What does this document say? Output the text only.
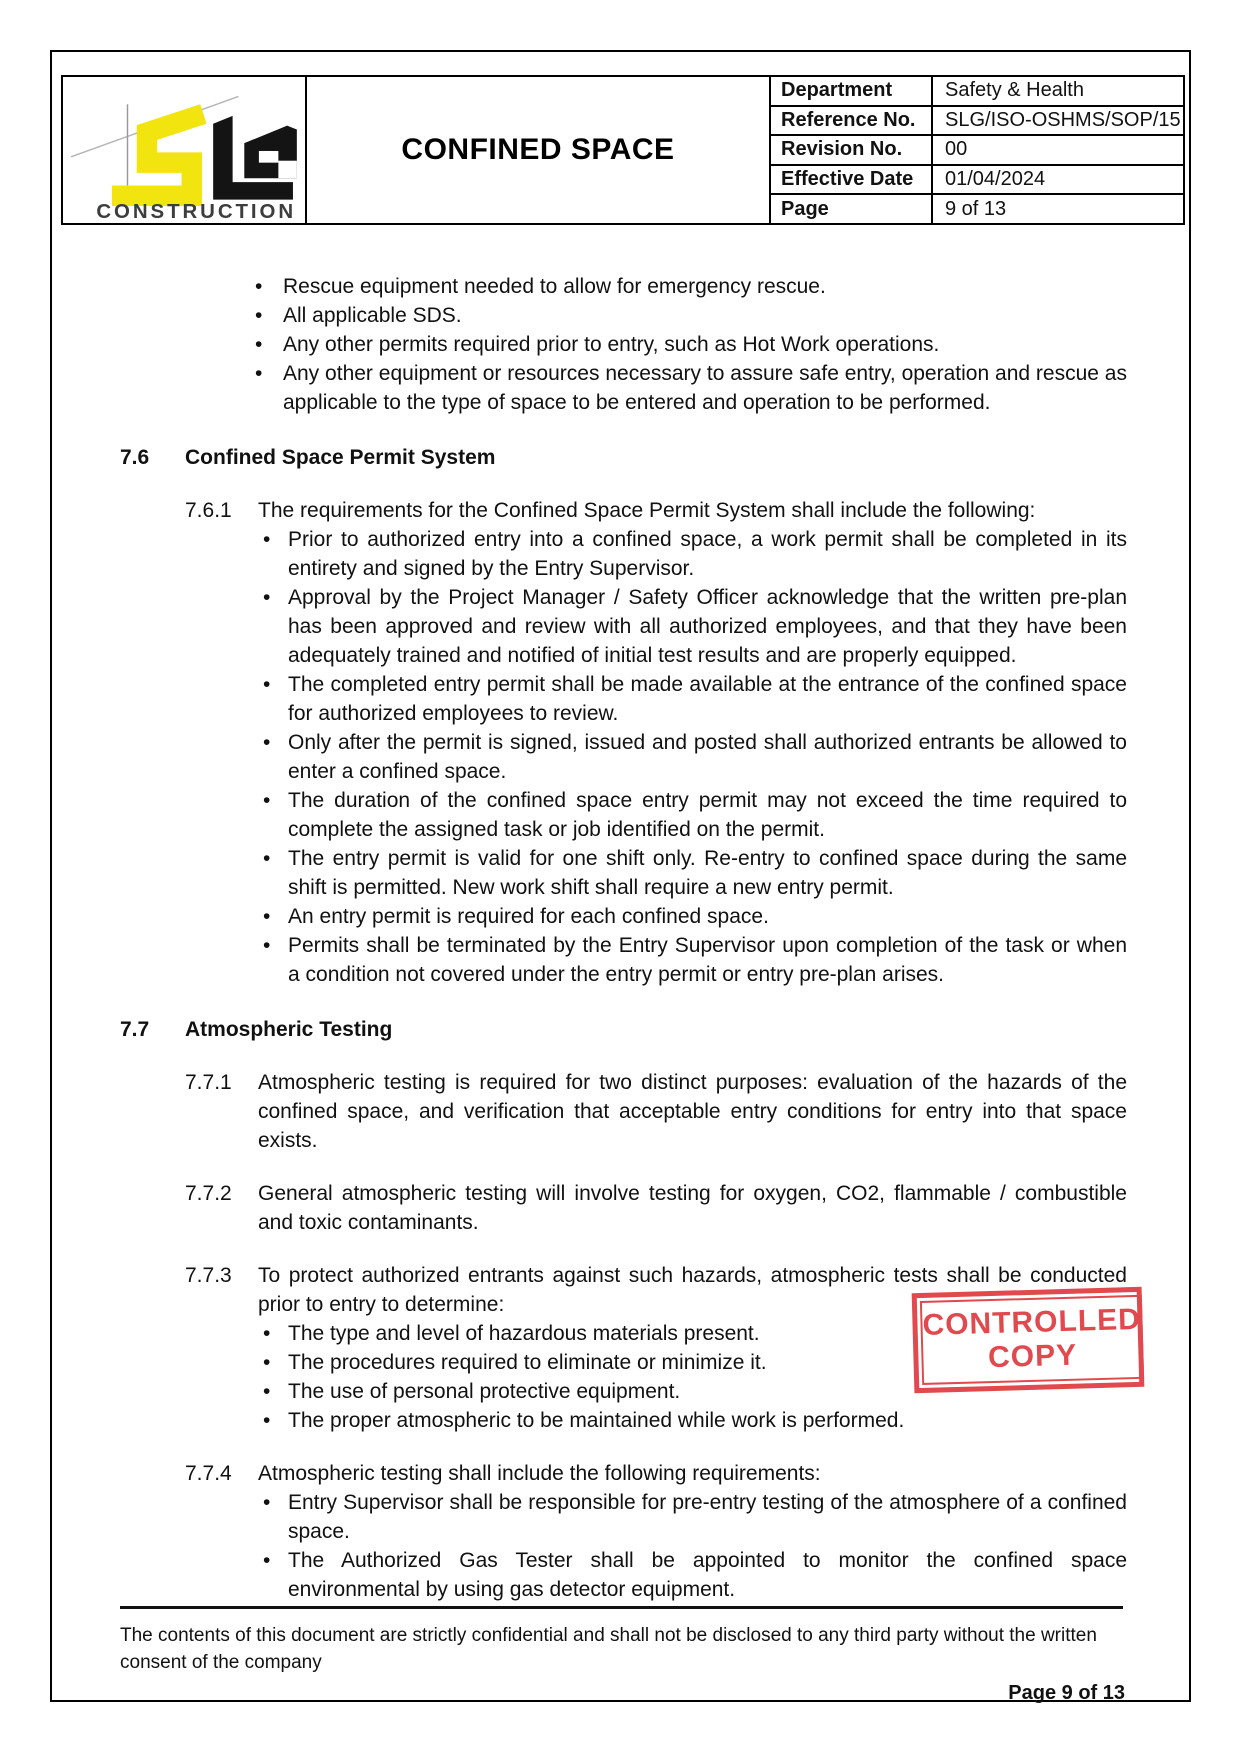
CONSTRUCTION
CONFINED SPACE
Department	Safety & Health
Reference No.	SLG/ISO-OSHMS/SOP/15
Revision No.	00
Effective Date	01/04/2024
Page	9 of 13
• Rescue equipment needed to allow for emergency rescue.
• All applicable SDS.
• Any other permits required prior to entry, such as Hot Work operations.
• Any other equipment or resources necessary to assure safe entry, operation and rescue as applicable to the type of space to be entered and operation to be performed.
7.6	Confined Space Permit System
7.6.1 The requirements for the Confined Space Permit System shall include the following:
• Prior to authorized entry into a confined space, a work permit shall be completed in its entirety and signed by the Entry Supervisor.
• Approval by the Project Manager / Safety Officer acknowledge that the written pre-plan has been approved and review with all authorized employees, and that they have been adequately trained and notified of initial test results and are properly equipped.
• The completed entry permit shall be made available at the entrance of the confined space for authorized employees to review.
• Only after the permit is signed, issued and posted shall authorized entrants be allowed to enter a confined space.
• The duration of the confined space entry permit may not exceed the time required to complete the assigned task or job identified on the permit.
• The entry permit is valid for one shift only. Re-entry to confined space during the same shift is permitted. New work shift shall require a new entry permit.
• An entry permit is required for each confined space.
• Permits shall be terminated by the Entry Supervisor upon completion of the task or when a condition not covered under the entry permit or entry pre-plan arises.
7.7	Atmospheric Testing
7.7.1 Atmospheric testing is required for two distinct purposes: evaluation of the hazards of the confined space, and verification that acceptable entry conditions for entry into that space exists.
7.7.2 General atmospheric testing will involve testing for oxygen, CO2, flammable / combustible and toxic contaminants.
7.7.3 To protect authorized entrants against such hazards, atmospheric tests shall be conducted prior to entry to determine:
• The type and level of hazardous materials present.
• The procedures required to eliminate or minimize it.
• The use of personal protective equipment.
• The proper atmospheric to be maintained while work is performed.
7.7.4 Atmospheric testing shall include the following requirements:
• Entry Supervisor shall be responsible for pre-entry testing of the atmosphere of a confined space.
• The Authorized Gas Tester shall be appointed to monitor the confined space environmental by using gas detector equipment.
CONTROLLED
COPY
The contents of this document are strictly confidential and shall not be disclosed to any third party without the written consent of the company
Page 9 of 13
